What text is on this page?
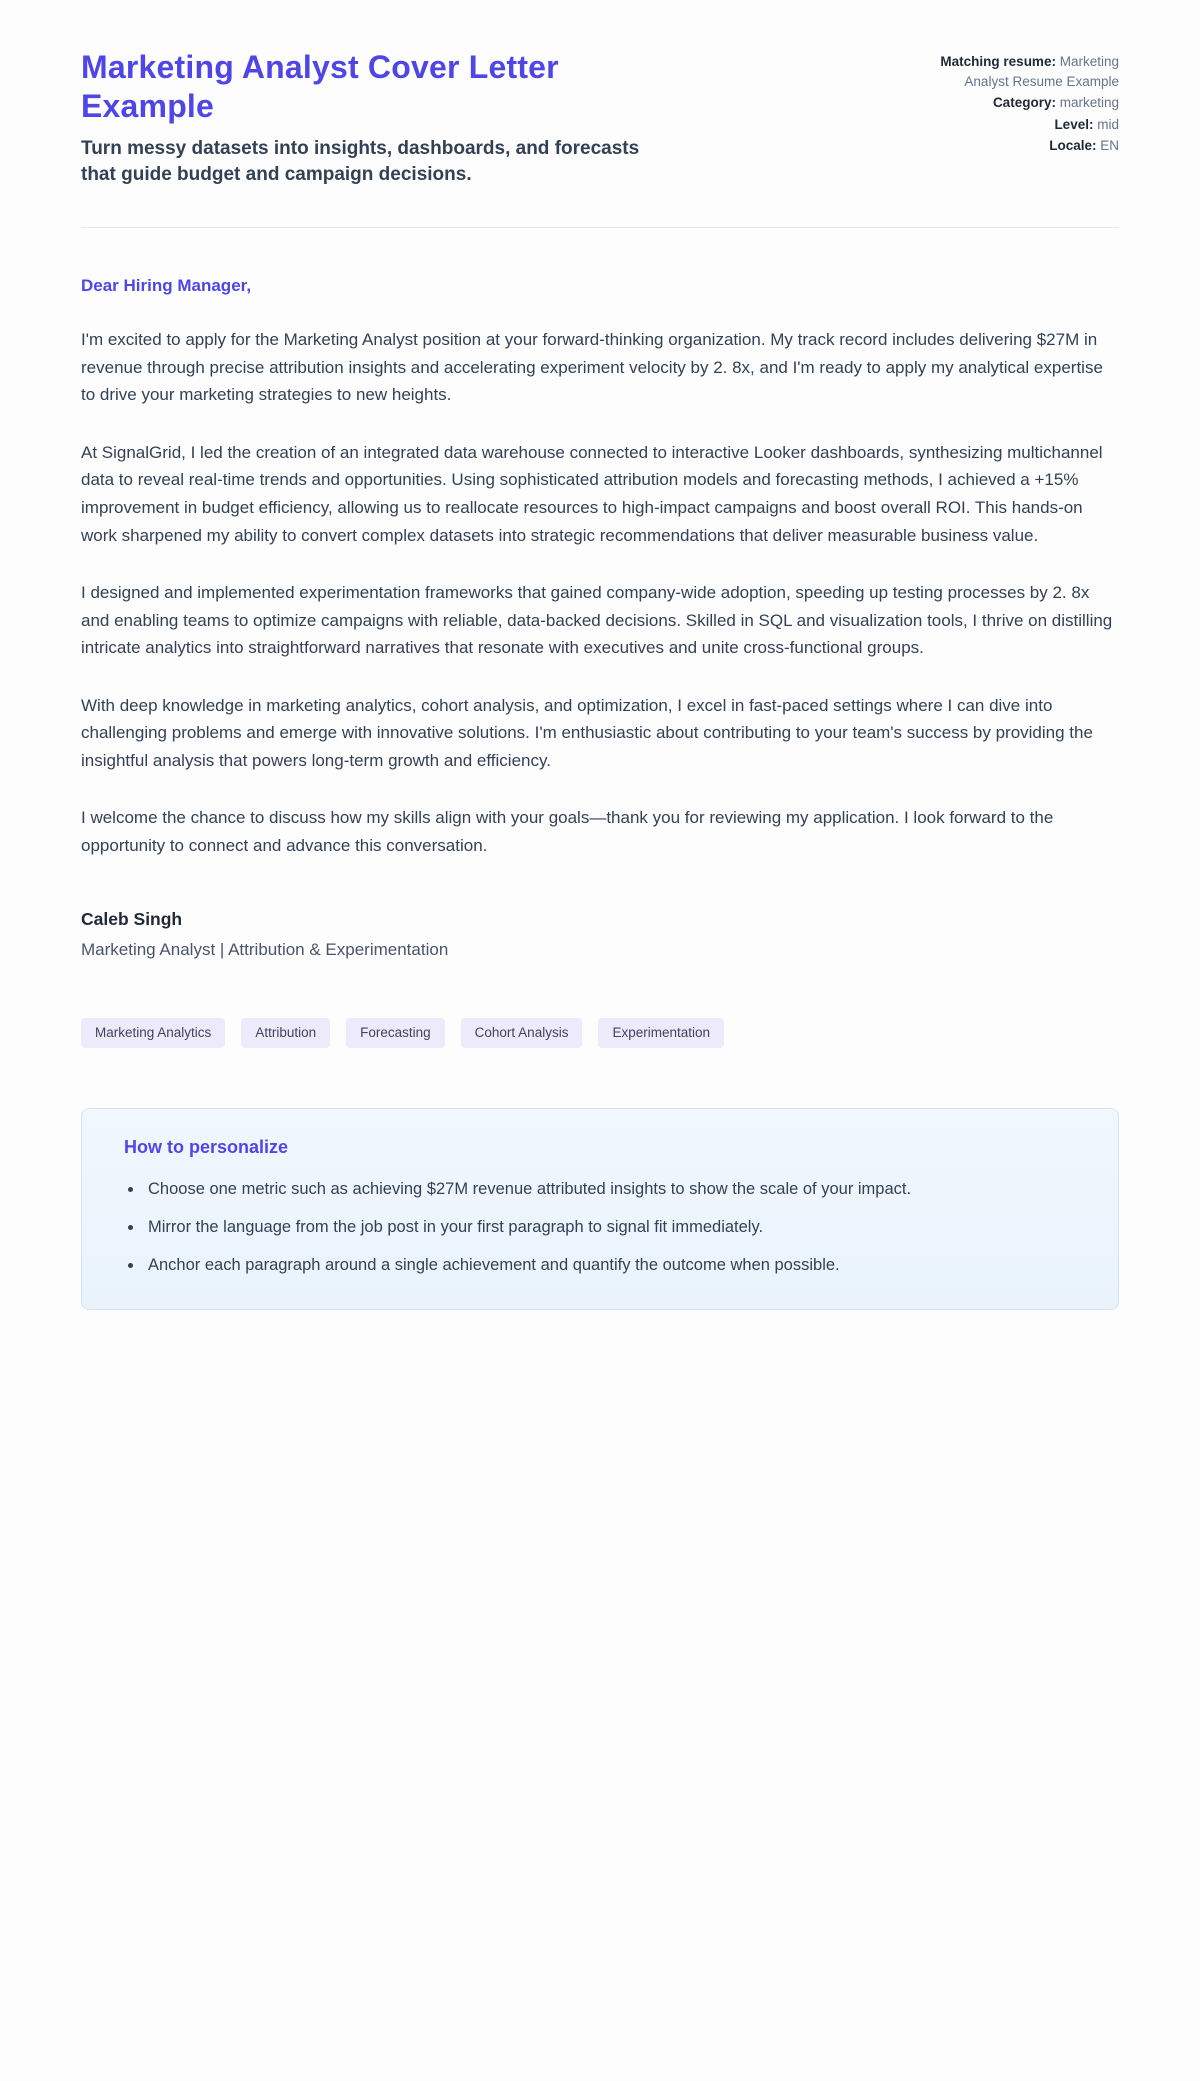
Marketing Analyst Cover Letter Example
Turn messy datasets into insights, dashboards, and forecasts that guide budget and campaign decisions.
Matching resume: Marketing Analyst Resume Example
Category: marketing
Level: mid
Locale: EN
Dear Hiring Manager,

I'm excited to apply for the Marketing Analyst position at your forward-thinking organization. My track record includes delivering $27M in revenue through precise attribution insights and accelerating experiment velocity by 2. 8x, and I'm ready to apply my analytical expertise to drive your marketing strategies to new heights.

At SignalGrid, I led the creation of an integrated data warehouse connected to interactive Looker dashboards, synthesizing multichannel data to reveal real-time trends and opportunities. Using sophisticated attribution models and forecasting methods, I achieved a +15% improvement in budget efficiency, allowing us to reallocate resources to high-impact campaigns and boost overall ROI. This hands-on work sharpened my ability to convert complex datasets into strategic recommendations that deliver measurable business value.

I designed and implemented experimentation frameworks that gained company-wide adoption, speeding up testing processes by 2. 8x and enabling teams to optimize campaigns with reliable, data-backed decisions. Skilled in SQL and visualization tools, I thrive on distilling intricate analytics into straightforward narratives that resonate with executives and unite cross-functional groups.

With deep knowledge in marketing analytics, cohort analysis, and optimization, I excel in fast-paced settings where I can dive into challenging problems and emerge with innovative solutions. I'm enthusiastic about contributing to your team's success by providing the insightful analysis that powers long-term growth and efficiency.

I welcome the chance to discuss how my skills align with your goals—thank you for reviewing my application. I look forward to the opportunity to connect and advance this conversation.

Caleb Singh
Marketing Analyst | Attribution & Experimentation
Marketing Analytics	Attribution	Forecasting	Cohort Analysis	Experimentation
How to personalize
• Choose one metric such as achieving $27M revenue attributed insights to show the scale of your impact.
• Mirror the language from the job post in your first paragraph to signal fit immediately.
• Anchor each paragraph around a single achievement and quantify the outcome when possible.
